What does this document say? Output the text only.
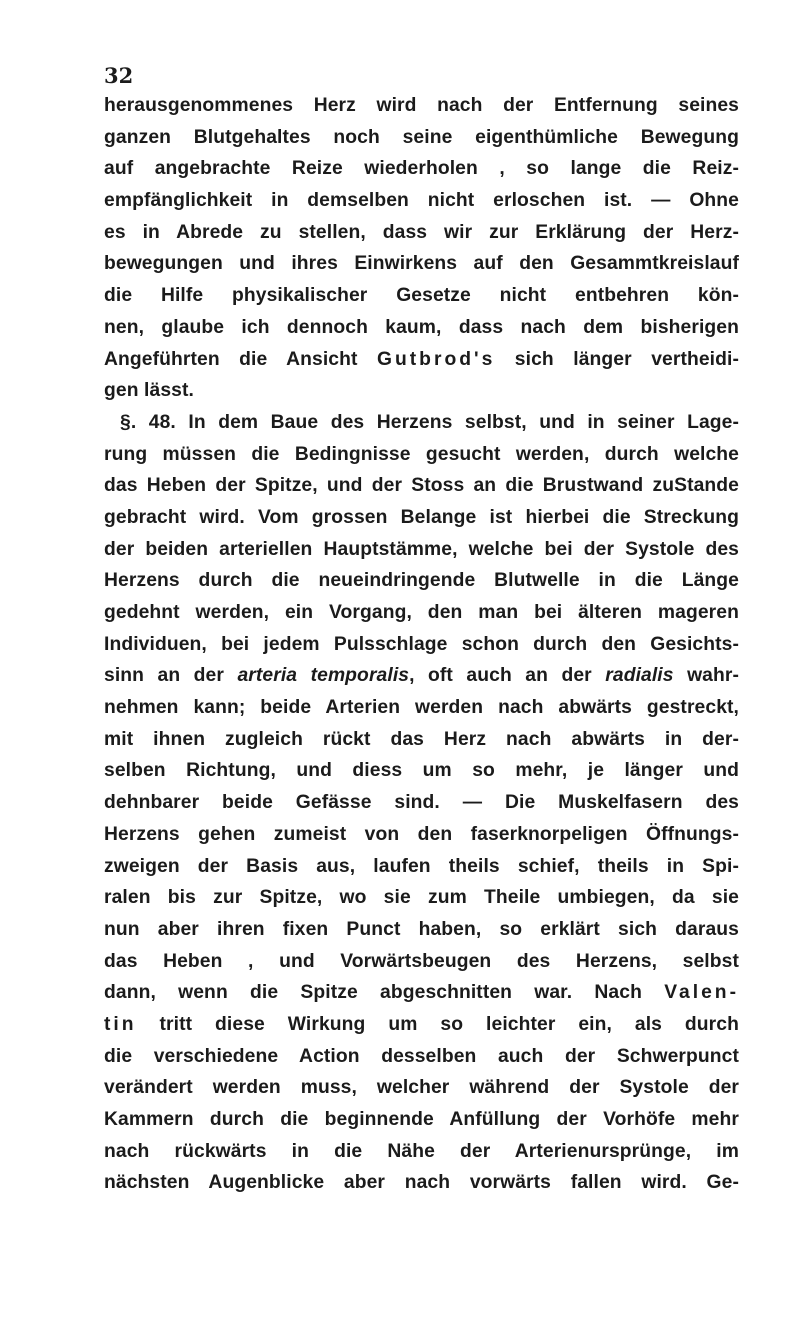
32
herausgenommenes Herz wird nach der Entfernung seines
ganzen Blutgehaltes noch seine eigenthümliche Bewegung
auf angebrachte Reize wiederholen , so lange die Reiz-
empfänglichkeit in demselben nicht erloschen ist. — Ohne
es in Abrede zu stellen, dass wir zur Erklärung der Herz-
bewegungen und ihres Einwirkens auf den Gesammtkreislauf
die Hilfe physikalischer Gesetze nicht entbehren kön-
nen, glaube ich dennoch kaum, dass nach dem bisherigen
Angeführten die Ansicht Gutbrod's sich länger vertheidi-
gen lässt.
§. 48. In dem Baue des Herzens selbst, und in seiner Lage-
rung müssen die Bedingnisse gesucht werden, durch welche
das Heben der Spitze, und der Stoss an die Brustwand zuStande
gebracht wird. Vom grossen Belange ist hierbei die Streckung
der beiden arteriellen Hauptstämme, welche bei der Systole des
Herzens durch die neueindringende Blutwelle in die Länge
gedehnt werden, ein Vorgang, den man bei älteren mageren
Individuen, bei jedem Pulsschlage schon durch den Gesichts-
sinn an der arteria temporalis, oft auch an der radialis wahr-
nehmen kann; beide Arterien werden nach abwärts gestreckt,
mit ihnen zugleich rückt das Herz nach abwärts in der-
selben Richtung, und diess um so mehr, je länger und
dehnbarer beide Gefässe sind. — Die Muskelfasern des
Herzens gehen zumeist von den faserknorpeligen Öffnungs-
zweigen der Basis aus, laufen theils schief, theils in Spi-
ralen bis zur Spitze, wo sie zum Theile umbiegen, da sie
nun aber ihren fixen Punct haben, so erklärt sich daraus
das Heben , und Vorwärtsbeugen des Herzens, selbst
dann, wenn die Spitze abgeschnitten war. Nach Valen-
tin tritt diese Wirkung um so leichter ein, als durch
die verschiedene Action desselben auch der Schwerpunct
verändert werden muss, welcher während der Systole der
Kammern durch die beginnende Anfüllung der Vorhöfe mehr
nach rückwärts in die Nähe der Arterienursprünge, im
nächsten Augenblicke aber nach vorwärts fallen wird. Ge-
